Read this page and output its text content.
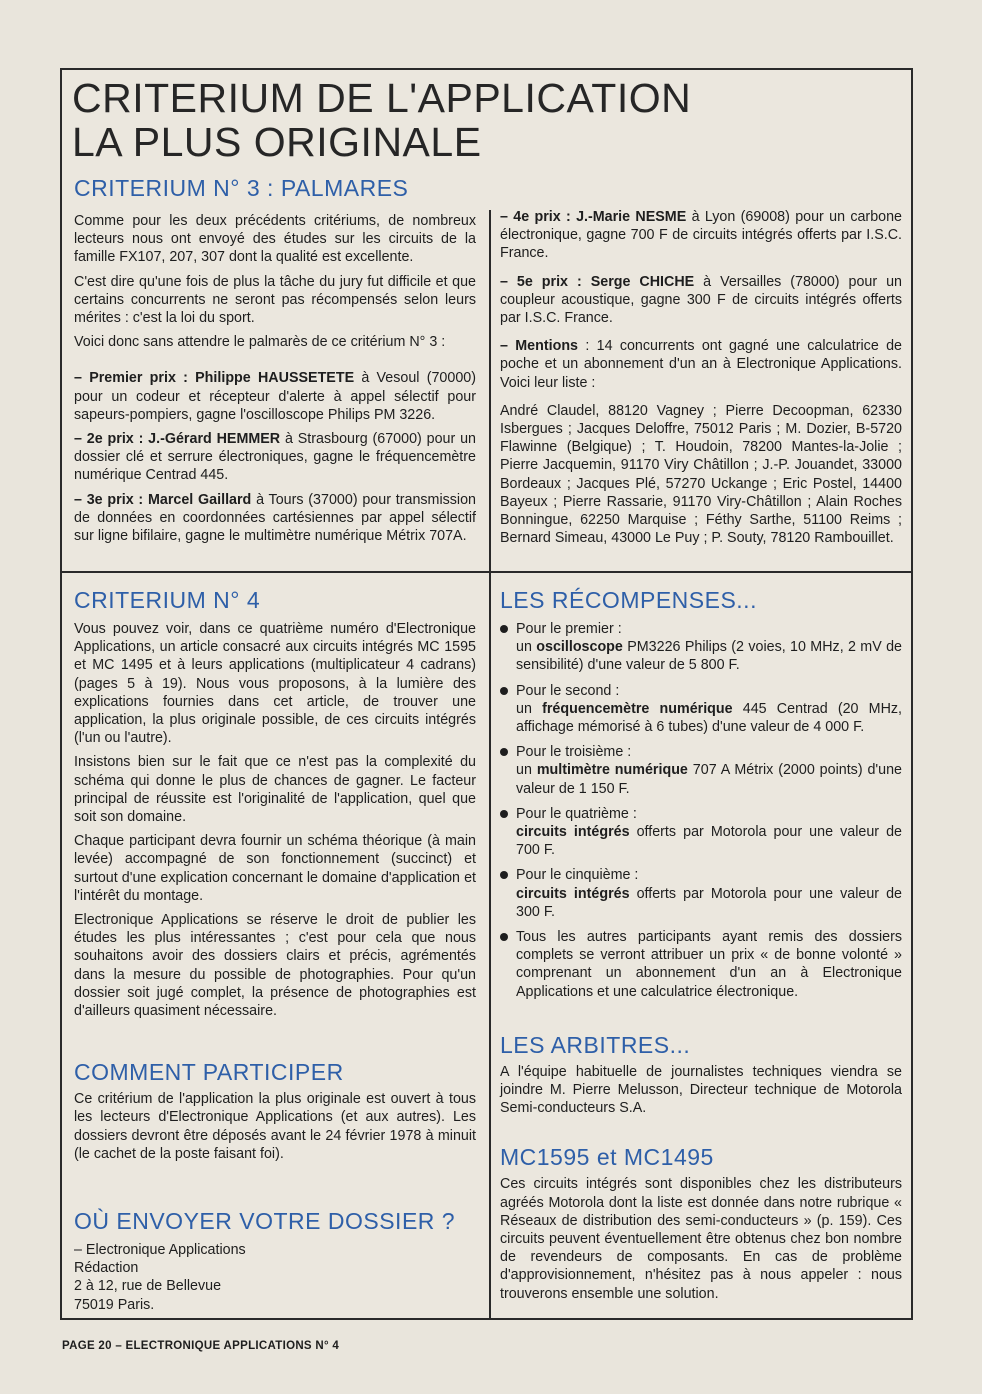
CRITERIUM DE L'APPLICATION
LA PLUS ORIGINALE
CRITERIUM N° 3 : PALMARES

Comme pour les deux précédents critériums, de nombreux lecteurs nous ont envoyé des études sur les circuits de la famille FX107, 207, 307 dont la qualité est excellente.

C'est dire qu'une fois de plus la tâche du jury fut difficile et que certains concurrents ne seront pas récompensés selon leurs mérites : c'est la loi du sport.

Voici donc sans attendre le palmarès de ce critérium N° 3 :

– Premier prix : Philippe HAUSSETETE à Vesoul (70000) pour un codeur et récepteur d'alerte à appel sélectif pour sapeurs-pompiers, gagne l'oscilloscope Philips PM 3226.

– 2e prix : J.-Gérard HEMMER à Strasbourg (67000) pour un dossier clé et serrure électroniques, gagne le fréquencemètre numérique Centrad 445.

– 3e prix : Marcel Gaillard à Tours (37000) pour transmission de données en coordonnées cartésiennes par appel sélectif sur ligne bifilaire, gagne le multimètre numérique Métrix 707A.

– 4e prix : J.-Marie NESME à Lyon (69008) pour un carbone électronique, gagne 700 F de circuits intégrés offerts par I.S.C. France.

– 5e prix : Serge CHICHE à Versailles (78000) pour un coupleur acoustique, gagne 300 F de circuits intégrés offerts par I.S.C. France.

– Mentions : 14 concurrents ont gagné une calculatrice de poche et un abonnement d'un an à Electronique Applications. Voici leur liste :

André Claudel, 88120 Vagney ; Pierre Decoopman, 62330 Isbergues ; Jacques Deloffre, 75012 Paris ; M. Dozier, B-5720 Flawinne (Belgique) ; T. Houdoin, 78200 Mantes-la-Jolie ; Pierre Jacquemin, 91170 Viry Châtillon ; J.-P. Jouandet, 33000 Bordeaux ; Jacques Plé, 57270 Uckange ; Eric Postel, 14400 Bayeux ; Pierre Rassarie, 91170 Viry-Châtillon ; Alain Roches Bonningue, 62250 Marquise ; Féthy Sarthe, 51100 Reims ; Bernard Simeau, 43000 Le Puy ; P. Souty, 78120 Rambouillet.

CRITERIUM N° 4

Vous pouvez voir, dans ce quatrième numéro d'Electronique Applications, un article consacré aux circuits intégrés MC 1595 et MC 1495 et à leurs applications (multiplicateur 4 cadrans) (pages 5 à 19). Nous vous proposons, à la lumière des explications fournies dans cet article, de trouver une application, la plus originale possible, de ces circuits intégrés (l'un ou l'autre).

Insistons bien sur le fait que ce n'est pas la complexité du schéma qui donne le plus de chances de gagner. Le facteur principal de réussite est l'originalité de l'application, quel que soit son domaine.

Chaque participant devra fournir un schéma théorique (à main levée) accompagné de son fonctionnement (succinct) et surtout d'une explication concernant le domaine d'application et l'intérêt du montage.

Electronique Applications se réserve le droit de publier les études les plus intéressantes ; c'est pour cela que nous souhaitons avoir des dossiers clairs et précis, agrémentés dans la mesure du possible de photographies. Pour qu'un dossier soit jugé complet, la présence de photographies est d'ailleurs quasiment nécessaire.

COMMENT PARTICIPER

Ce critérium de l'application la plus originale est ouvert à tous les lecteurs d'Electronique Applications (et aux autres). Les dossiers devront être déposés avant le 24 février 1978 à minuit (le cachet de la poste faisant foi).

OÙ ENVOYER VOTRE DOSSIER ?
– Electronique Applications
Rédaction
2 à 12, rue de Bellevue
75019 Paris.
LES RÉCOMPENSES...
Pour le premier :
un oscilloscope PM3226 Philips (2 voies, 10 MHz, 2 mV de sensibilité) d'une valeur de 5 800 F.
Pour le second :
un fréquencemètre numérique 445 Centrad (20 MHz, affichage mémorisé à 6 tubes) d'une valeur de 4 000 F.
Pour le troisième :
un multimètre numérique 707 A Métrix (2000 points) d'une valeur de 1 150 F.
Pour le quatrième :
circuits intégrés offerts par Motorola pour une valeur de 700 F.
Pour le cinquième :
circuits intégrés offerts par Motorola pour une valeur de 300 F.
Tous les autres participants ayant remis des dossiers complets se verront attribuer un prix « de bonne volonté » comprenant un abonnement d'un an à Electronique Applications et une calculatrice électronique.
LES ARBITRES...

A l'équipe habituelle de journalistes techniques viendra se joindre M. Pierre Melusson, Directeur technique de Motorola Semi-conducteurs S.A.

MC1595 et MC1495

Ces circuits intégrés sont disponibles chez les distributeurs agréés Motorola dont la liste est donnée dans notre rubrique « Réseaux de distribution des semi-conducteurs » (p. 159). Ces circuits peuvent éventuellement être obtenus chez bon nombre de revendeurs de composants. En cas de problème d'approvisionnement, n'hésitez pas à nous appeler : nous trouverons ensemble une solution.

PAGE 20 – ELECTRONIQUE APPLICATIONS N° 4
